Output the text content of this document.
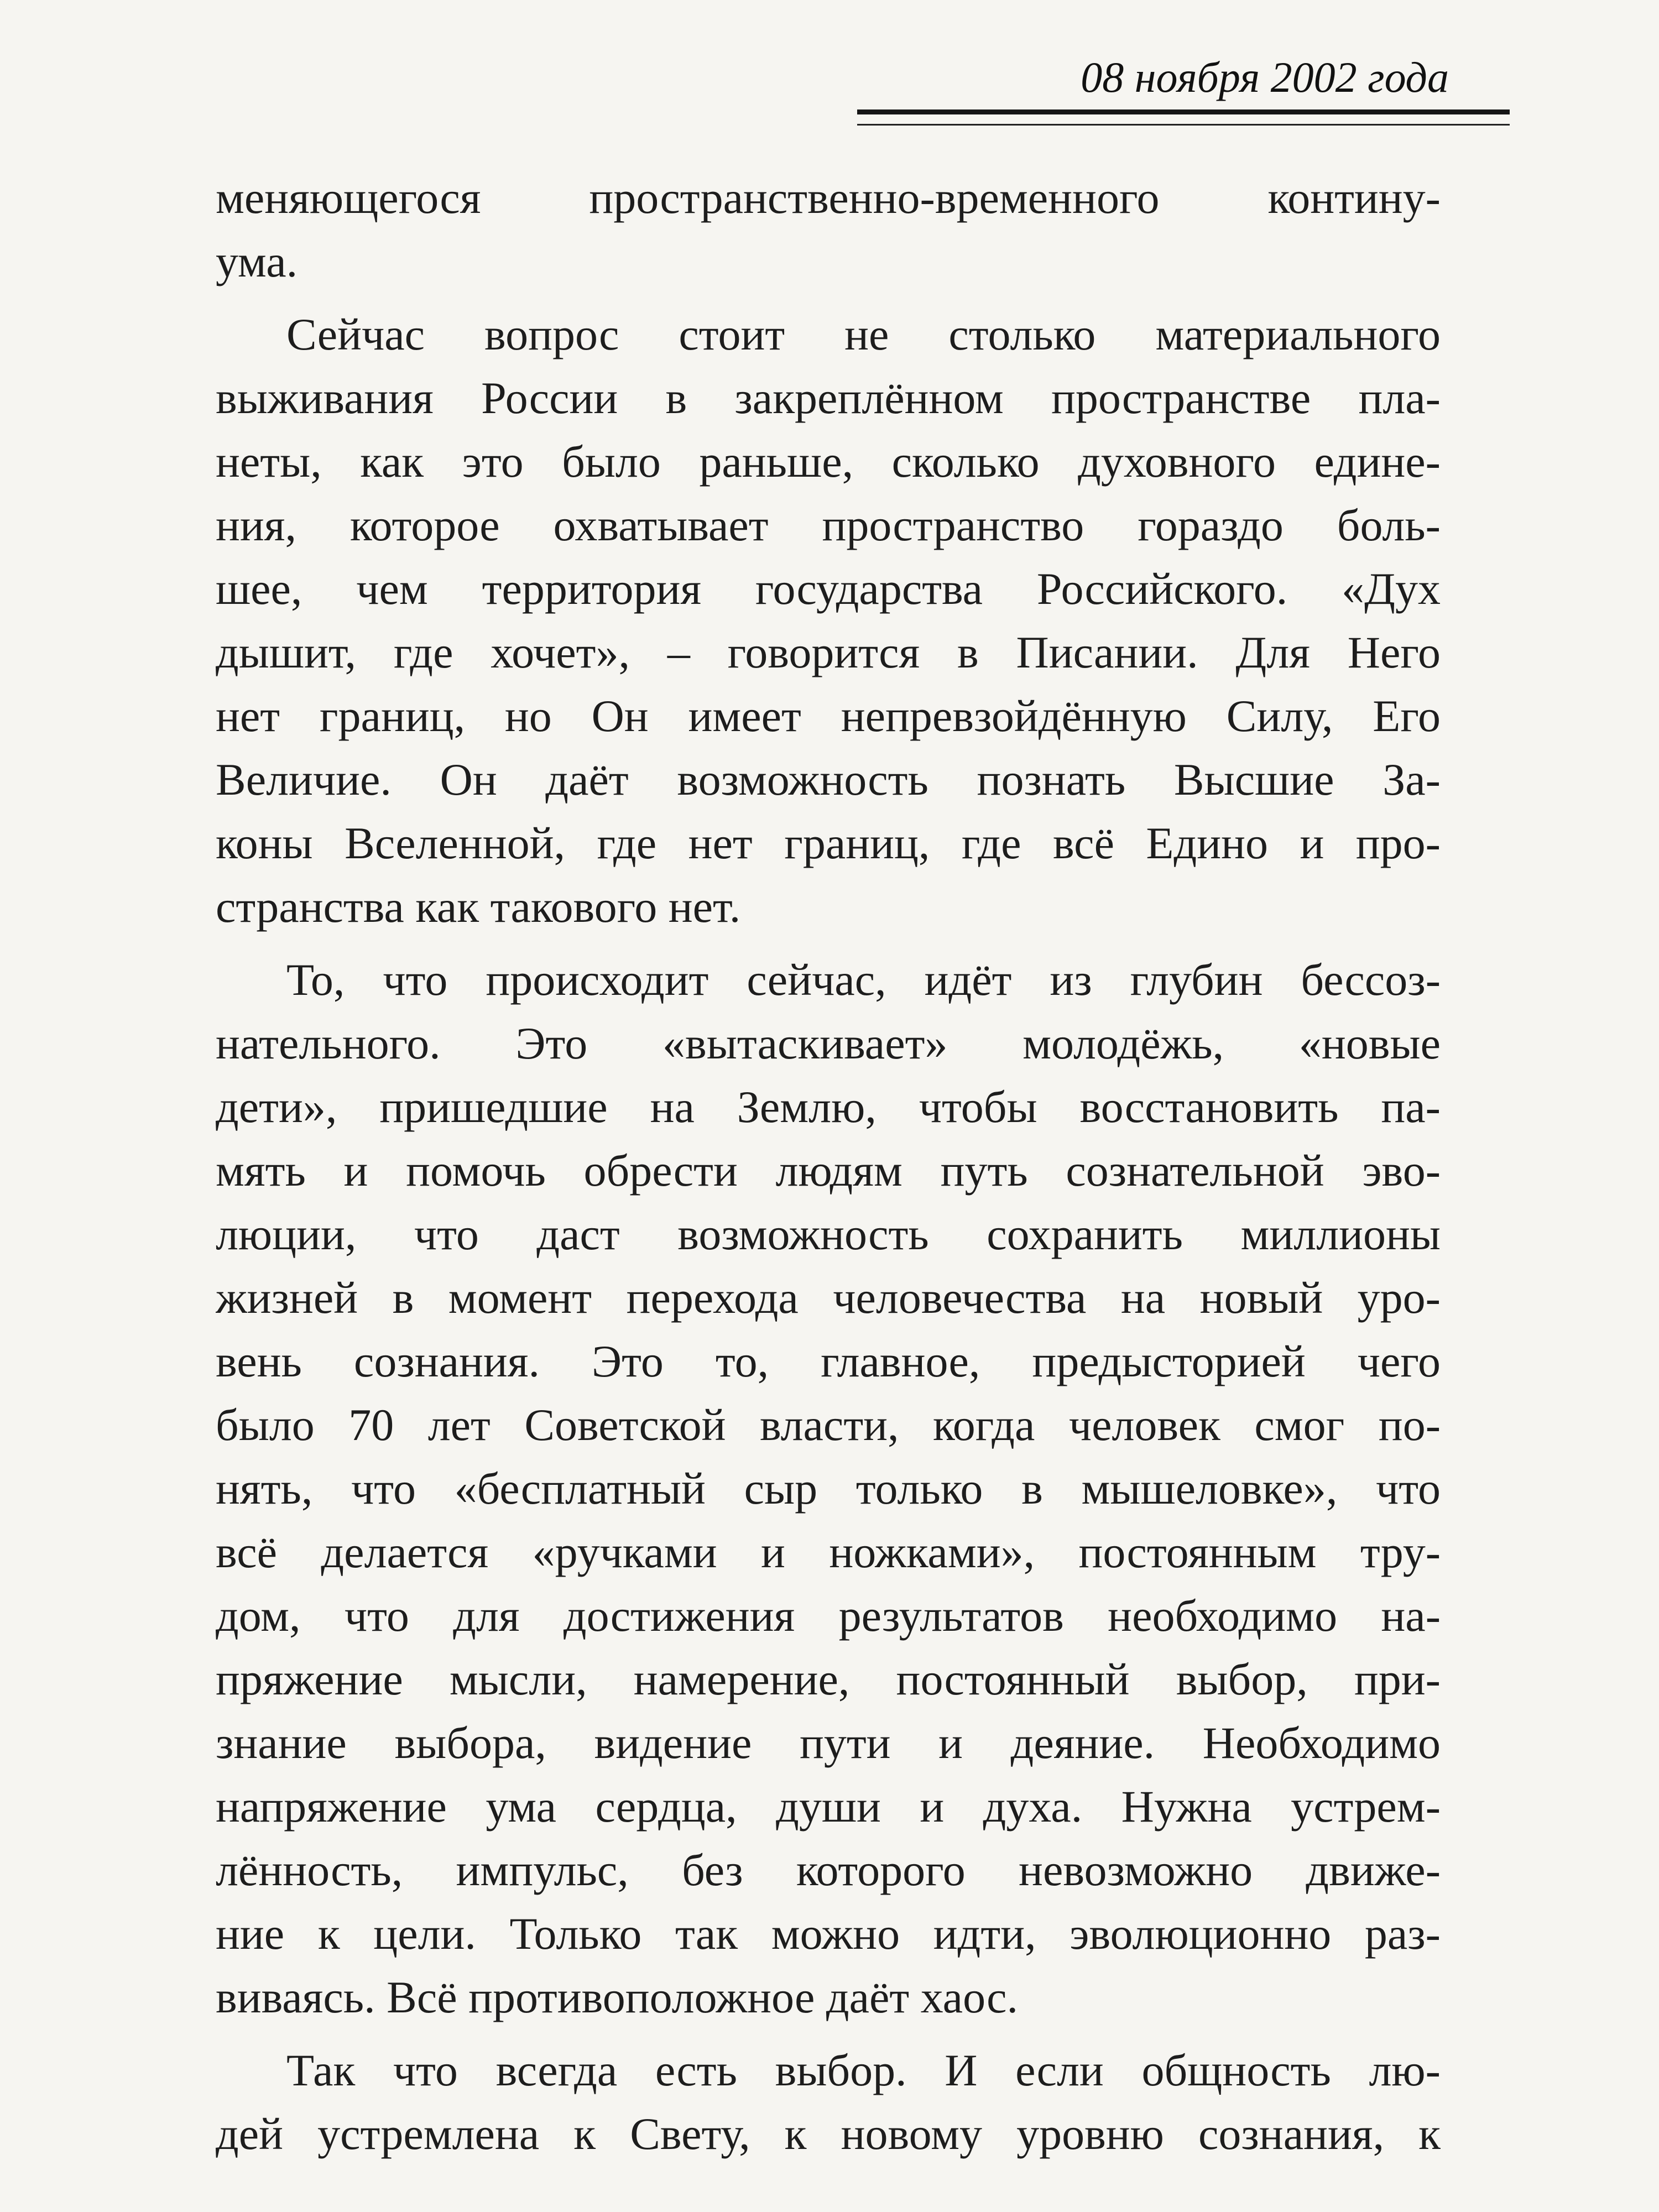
08 ноября 2002 года
меняющегося пространственно-временного контину-
ума.
Сейчас вопрос стоит не столько материального
выживания России в закреплённом пространстве пла-
неты, как это было раньше, сколько духовного едине-
ния, которое охватывает пространство гораздо боль-
шее, чем территория государства Российского. «Дух
дышит, где хочет», – говорится в Писании. Для Него
нет границ, но Он имеет непревзойдённую Силу, Его
Величие. Он даёт возможность познать Высшие За-
коны Вселенной, где нет границ, где всё Едино и про-
странства как такового нет.
То, что происходит сейчас, идёт из глубин бессоз-
нательного. Это «вытаскивает» молодёжь, «новые
дети», пришедшие на Землю, чтобы восстановить па-
мять и помочь обрести людям путь сознательной эво-
люции, что даст возможность сохранить миллионы
жизней в момент перехода человечества на новый уро-
вень сознания. Это то, главное, предысторией чего
было 70 лет Советской власти, когда человек смог по-
нять, что «бесплатный сыр только в мышеловке», что
всё делается «ручками и ножками», постоянным тру-
дом, что для достижения результатов необходимо на-
пряжение мысли, намерение, постоянный выбор, при-
знание выбора, видение пути и деяние. Необходимо
напряжение ума сердца, души и духа. Нужна устрем-
лённость, импульс, без которого невозможно движе-
ние к цели. Только так можно идти, эволюционно раз-
виваясь. Всё противоположное даёт хаос.
Так что всегда есть выбор. И если общность лю-
дей устремлена к Свету, к новому уровню сознания, к
